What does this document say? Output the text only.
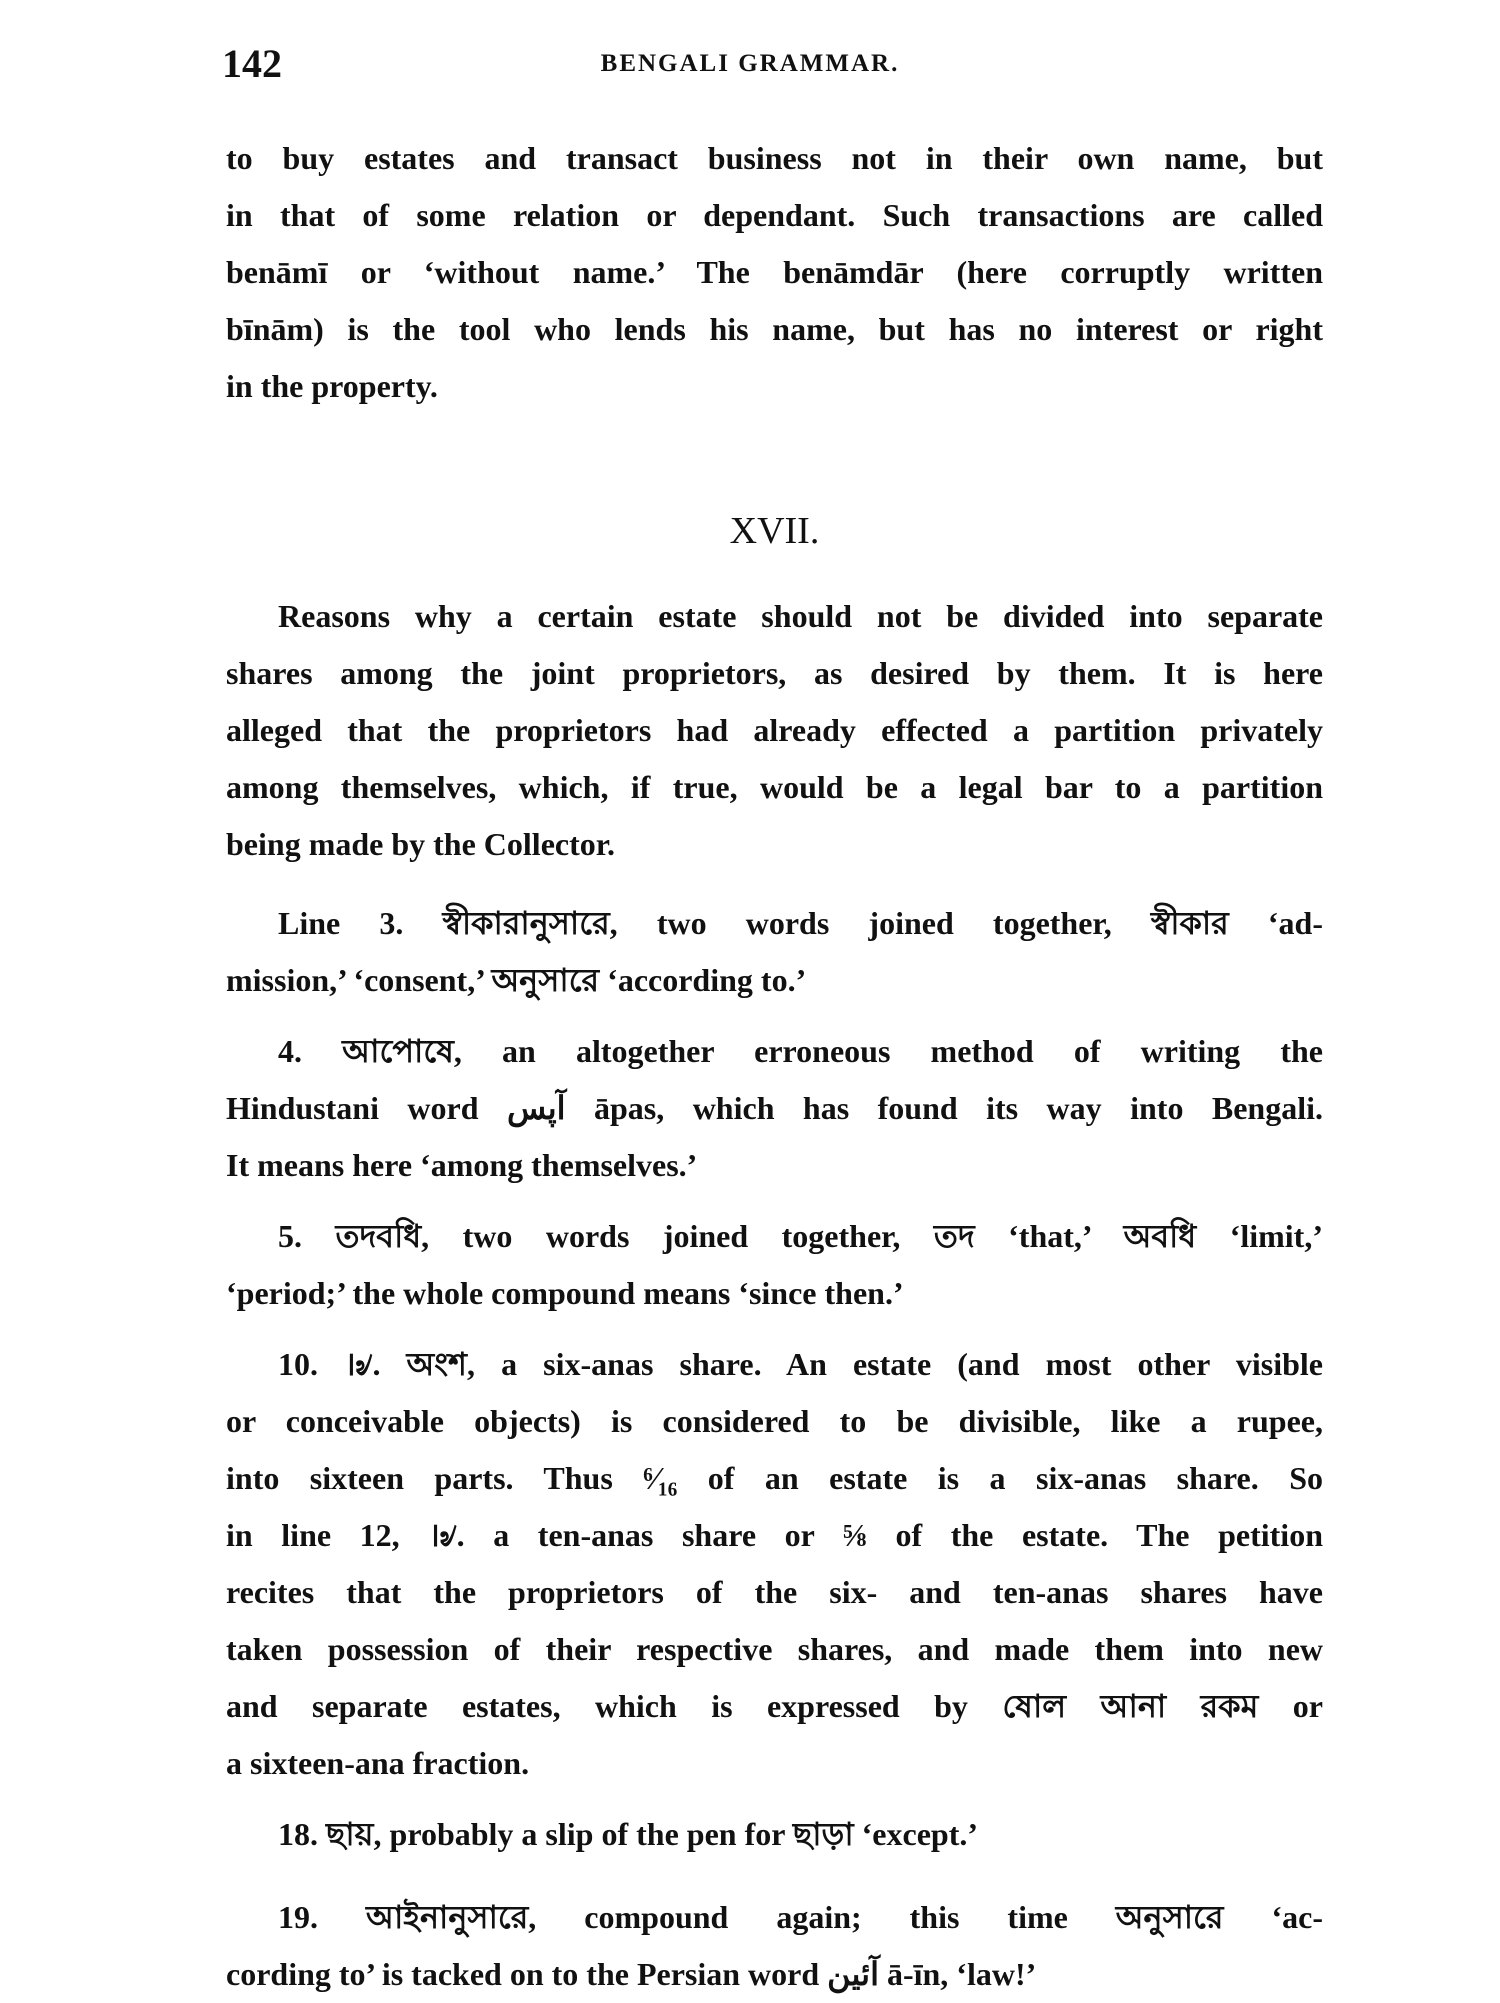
142	BENGALI GRAMMAR.
to buy estates and transact business not in their own name, but
in that of some relation or dependant. Such transactions are called
benāmī or ‘without name.’ The benāmdār (here corruptly written
bīnām) is the tool who lends his name, but has no interest or right
in the property.
XVII.
Reasons why a certain estate should not be divided into separate
shares among the joint proprietors, as desired by them. It is here
alleged that the proprietors had already effected a partition privately
among themselves, which, if true, would be a legal bar to a partition
being made by the Collector.
Line 3. স্বীকারানুসারে, two words joined together, স্বীকার ‘ad-
mission,’ ‘consent,’ অনুসারে ‘according to.’
4. আপোষে, an altogether erroneous method of writing the
Hindustani word آپس āpas, which has found its way into Bengali.
It means here ‘among themselves.’
5. তদবধি, two words joined together, তদ ‘that,’ অবধি ‘limit,’
‘period;’ the whole compound means ‘since then.’
10. ।৶. অংশ, a six-anas share. An estate (and most other visible
or conceivable objects) is considered to be divisible, like a rupee,
into sixteen parts. Thus ⁶⁄₁₆ of an estate is a six-anas share. So
in line 12, ।৶. a ten-anas share or ⅝ of the estate. The petition
recites that the proprietors of the six- and ten-anas shares have
taken possession of their respective shares, and made them into new
and separate estates, which is expressed by ষোল আনা রকম or
a sixteen-ana fraction.
18. ছায়, probably a slip of the pen for ছাড়া ‘except.’
19. আইনানুসারে, compound again; this time অনুসারে ‘ac-
cording to’ is tacked on to the Persian word آئین ā-īn, ‘law!’
